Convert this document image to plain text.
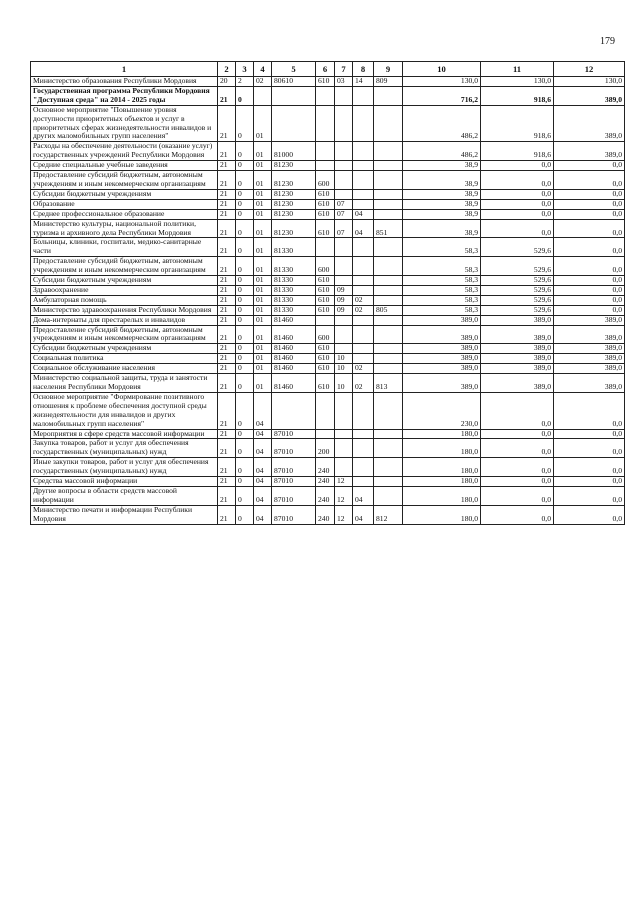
179
1	2	3	4	5	6	7	8	9	10	11	12
Министерство образования Республики Мордовия	20	2	02	80610	610	03	14	809	130,0	130,0	130,0
Государственная программа Республики Мордовия "Доступная среда" на 2014 - 2025 годы	21	0							716,2	918,6	389,0
Основное мероприятие "Повышение уровня доступности приоритетных объектов и услуг в приоритетных сферах жизнедеятельности инвалидов и других маломобильных групп населения"	21	0	01						486,2	918,6	389,0
Расходы на обеспечение деятельности (оказание услуг) государственных учреждений Республики Мордовия	21	0	01	81000					486,2	918,6	389,0
Средние специальные учебные заведения	21	0	01	81230					38,9	0,0	0,0
Предоставление субсидий бюджетным, автономным учреждениям и иным некоммерческим организациям	21	0	01	81230	600				38,9	0,0	0,0
Субсидии бюджетным учреждениям	21	0	01	81230	610				38,9	0,0	0,0
Образование	21	0	01	81230	610	07			38,9	0,0	0,0
Среднее профессиональное образование	21	0	01	81230	610	07	04		38,9	0,0	0,0
Министерство культуры, национальной политики, туризма и архивного дела Республики Мордовия	21	0	01	81230	610	07	04	851	38,9	0,0	0,0
Больницы, клиники, госпитали, медико-санитарные части	21	0	01	81330					58,3	529,6	0,0
Предоставление субсидий бюджетным, автономным учреждениям и иным некоммерческим организациям	21	0	01	81330	600				58,3	529,6	0,0
Субсидии бюджетным учреждениям	21	0	01	81330	610				58,3	529,6	0,0
Здравоохранение	21	0	01	81330	610	09			58,3	529,6	0,0
Амбулаторная помощь	21	0	01	81330	610	09	02		58,3	529,6	0,0
Министерство здравоохранения Республики Мордовия	21	0	01	81330	610	09	02	805	58,3	529,6	0,0
Дома-интернаты для престарелых и инвалидов	21	0	01	81460					389,0	389,0	389,0
Предоставление субсидий бюджетным, автономным учреждениям и иным некоммерческим организациям	21	0	01	81460	600				389,0	389,0	389,0
Субсидии бюджетным учреждениям	21	0	01	81460	610				389,0	389,0	389,0
Социальная политика	21	0	01	81460	610	10			389,0	389,0	389,0
Социальное обслуживание населения	21	0	01	81460	610	10	02		389,0	389,0	389,0
Министерство социальной защиты, труда и занятости населения Республики Мордовия	21	0	01	81460	610	10	02	813	389,0	389,0	389,0
Основное мероприятие "Формирование позитивного отношения к проблеме обеспечения доступной среды жизнедеятельности для инвалидов и других маломобильных групп населения"	21	0	04						230,0	0,0	0,0
Мероприятия в сфере средств массовой информации	21	0	04	87010					180,0	0,0	0,0
Закупка товаров, работ и услуг для обеспечения государственных (муниципальных) нужд	21	0	04	87010	200				180,0	0,0	0,0
Иные закупки товаров, работ и услуг для обеспечения государственных (муниципальных) нужд	21	0	04	87010	240				180,0	0,0	0,0
Средства массовой информации	21	0	04	87010	240	12			180,0	0,0	0,0
Другие вопросы в области средств массовой информации	21	0	04	87010	240	12	04		180,0	0,0	0,0
Министерство печати и информации Республики Мордовия	21	0	04	87010	240	12	04	812	180,0	0,0	0,0
